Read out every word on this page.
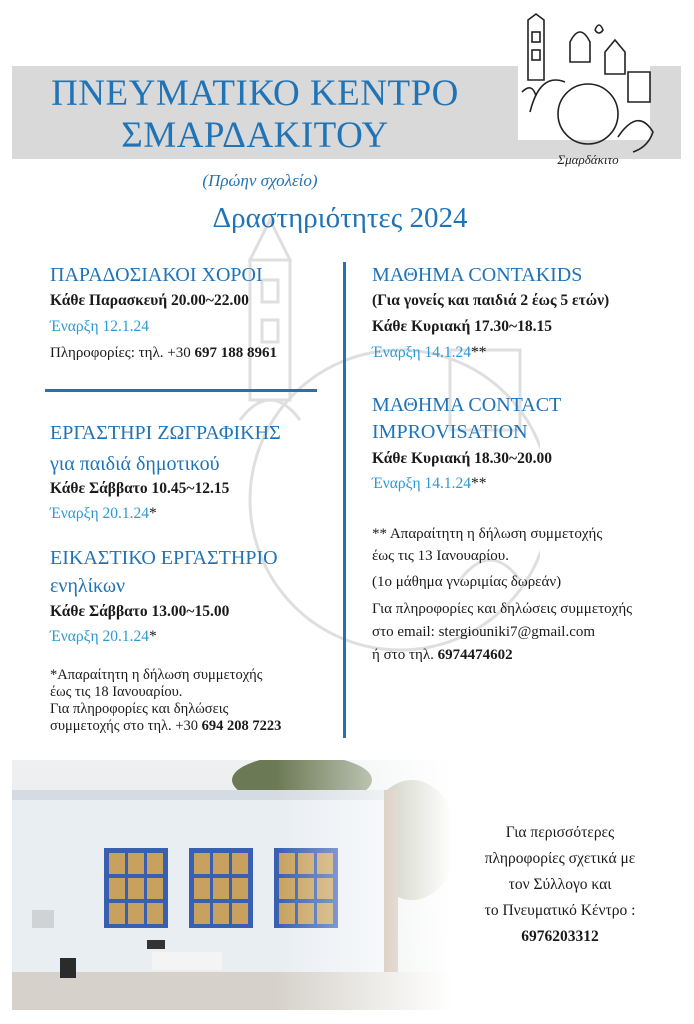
ΠΝΕΥΜΑΤΙΚΟ ΚΕΝΤΡΟ
ΣΜΑΡΔΑΚΙΤΟΥ
Σμαρδάκιτο
(Πρώην σχολείο)
Δραστηριότητες 2024
ΠΑΡΑΔΟΣΙΑΚΟΙ ΧΟΡΟΙ
Κάθε Παρασκευή 20.00~22.00
Έναρξη 12.1.24
Πληροφορίες: τηλ. +30 697 188 8961
ΕΡΓΑΣΤΗΡΙ ΖΩΓΡΑΦΙΚΗΣ
για παιδιά δημοτικού
Κάθε Σάββατο 10.45~12.15
Έναρξη 20.1.24*
ΕΙΚΑΣΤΙΚΟ ΕΡΓΑΣΤΗΡΙΟ
ενηλίκων
Κάθε Σάββατο 13.00~15.00
Έναρξη 20.1.24*
*Απαραίτητη η δήλωση συμμετοχής
έως τις 18 Ιανουαρίου.
Για πληροφορίες και δηλώσεις
συμμετοχής στο τηλ. +30 694 208 7223
ΜΑΘΗΜΑ CONTAKIDS
(Για γονείς και παιδιά 2 έως 5 ετών)
Κάθε Κυριακή 17.30~18.15
Έναρξη 14.1.24**
ΜΑΘΗΜΑ CONTACT
IMPROVISATION
Κάθε Κυριακή 18.30~20.00
Έναρξη 14.1.24**
** Απαραίτητη η δήλωση συμμετοχής
έως τις 13 Ιανουαρίου.
(1ο μάθημα γνωριμίας δωρεάν)
Για πληροφορίες και δηλώσεις συμμετοχής
στο email: stergiouniki7@gmail.com
ή στο τηλ. 6974474602
Για περισσότερες
πληροφορίες σχετικά με
τον Σύλλογο και
το Πνευματικό Κέντρο :
6976203312
